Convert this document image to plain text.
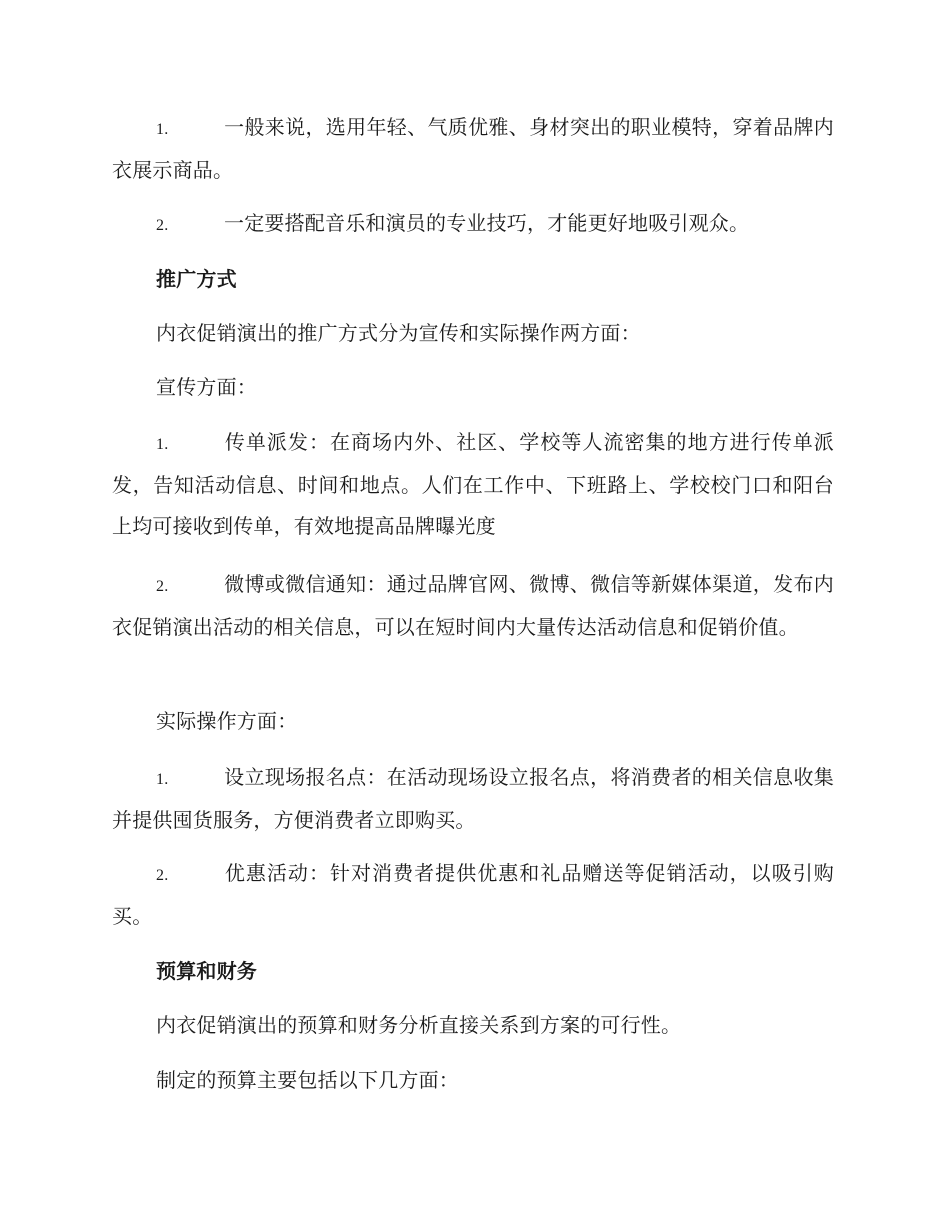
1.	一般来说，选用年轻、气质优雅、身材突出的职业模特，穿着品牌内衣展示商品。
2.	一定要搭配音乐和演员的专业技巧，才能更好地吸引观众。
推广方式
内衣促销演出的推广方式分为宣传和实际操作两方面：
宣传方面：
1.	传单派发：在商场内外、社区、学校等人流密集的地方进行传单派发，告知活动信息、时间和地点。人们在工作中、下班路上、学校校门口和阳台上均可接收到传单，有效地提高品牌曝光度
2.	微博或微信通知：通过品牌官网、微博、微信等新媒体渠道，发布内衣促销演出活动的相关信息，可以在短时间内大量传达活动信息和促销价值。
实际操作方面：
1.	设立现场报名点：在活动现场设立报名点，将消费者的相关信息收集并提供囤货服务，方便消费者立即购买。
2.	优惠活动：针对消费者提供优惠和礼品赠送等促销活动，以吸引购买。
预算和财务
内衣促销演出的预算和财务分析直接关系到方案的可行性。
制定的预算主要包括以下几方面：
